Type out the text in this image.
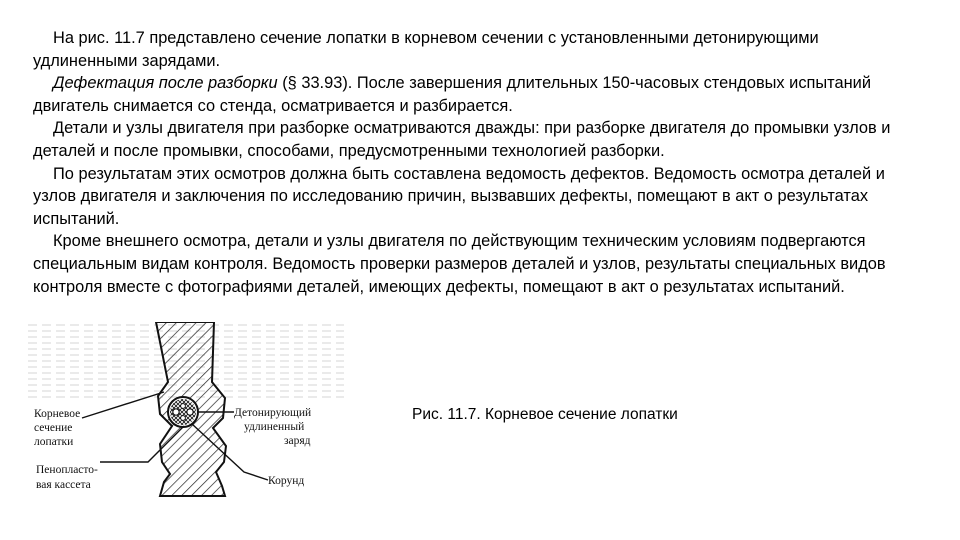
На рис. 11.7 представлено сечение лопатки в корневом сечении с установленными детонирующими удлиненными зарядами.

Дефектация после разборки (§ 33.93). После завершения длительных 150-часовых стендовых испытаний двигатель снимается со стенда, осматривается и разбирается.

Детали и узлы двигателя при разборке осматриваются дважды: при разборке двигателя до промывки узлов и деталей и после промывки, способами, предусмотренными технологией разборки.

По результатам этих осмотров должна быть составлена ведомость дефектов. Ведомость осмотра деталей и узлов двигателя и заключения по исследованию причин, вызвавших дефекты, помещают в акт о результатах испытаний.

Кроме внешнего осмотра, детали и узлы двигателя по действующим техническим условиям подвергаются специальным видам контроля. Ведомость проверки размеров деталей и узлов, результаты специальных видов контроля вместе с фотографиями деталей, имеющих дефекты, помещают в акт о результатах испытаний.

Корневое
сечение
лопатки
Детонирующий
удлиненный
заряд
Пенопласто-
вая кассета	Корунд
Рис. 11.7. Корневое сечение лопатки
